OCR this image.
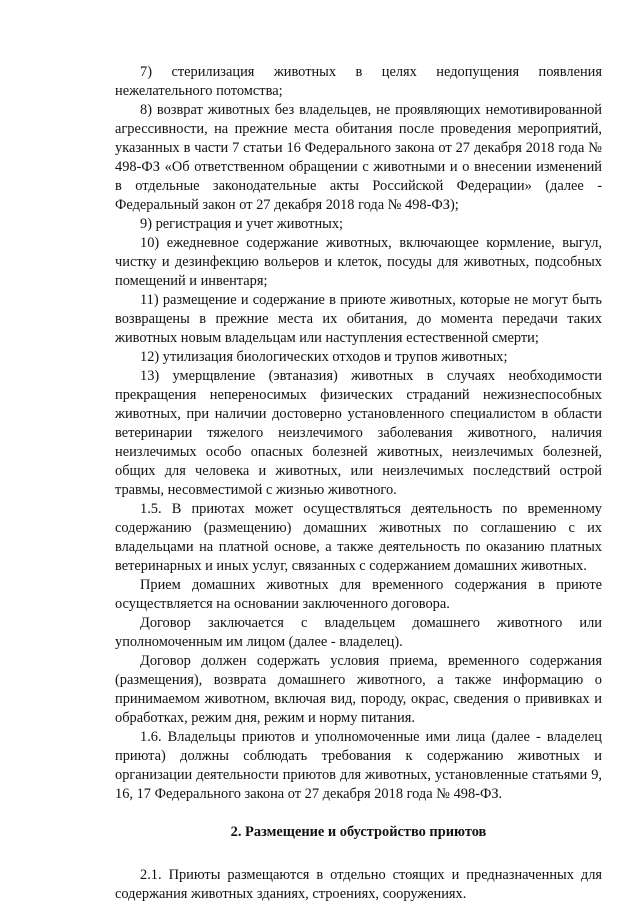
7) стерилизация животных в целях недопущения появления нежелательного потомства;

8) возврат животных без владельцев, не проявляющих немотивированной агрессивности, на прежние места обитания после проведения мероприятий, указанных в части 7 статьи 16 Федерального закона от 27 декабря 2018 года № 498-ФЗ «Об ответственном обращении с животными и о внесении изменений в отдельные законодательные акты Российской Федерации» (далее - Федеральный закон от 27 декабря 2018 года № 498-ФЗ);

9) регистрация и учет животных;

10) ежедневное содержание животных, включающее кормление, выгул, чистку и дезинфекцию вольеров и клеток, посуды для животных, подсобных помещений и инвентаря;

11) размещение и содержание в приюте животных, которые не могут быть возвращены в прежние места их обитания, до момента передачи таких животных новым владельцам или наступления естественной смерти;

12) утилизация биологических отходов и трупов животных;

13) умерщвление (эвтаназия) животных в случаях необходимости прекращения непереносимых физических страданий нежизнеспособных животных, при наличии достоверно установленного специалистом в области ветеринарии тяжелого неизлечимого заболевания животного, наличия неизлечимых особо опасных болезней животных, неизлечимых болезней, общих для человека и животных, или неизлечимых последствий острой травмы, несовместимой с жизнью животного.

1.5. В приютах может осуществляться деятельность по временному содержанию (размещению) домашних животных по соглашению с их владельцами на платной основе, а также деятельность по оказанию платных ветеринарных и иных услуг, связанных с содержанием домашних животных.

Прием домашних животных для временного содержания в приюте осуществляется на основании заключенного договора.

Договор заключается с владельцем домашнего животного или уполномоченным им лицом (далее - владелец).

Договор должен содержать условия приема, временного содержания (размещения), возврата домашнего животного, а также информацию о принимаемом животном, включая вид, породу, окрас, сведения о прививках и обработках, режим дня, режим и норму питания.

1.6. Владельцы приютов и уполномоченные ими лица (далее - владелец приюта) должны соблюдать требования к содержанию животных и организации деятельности приютов для животных, установленные статьями 9, 16, 17 Федерального закона от 27 декабря 2018 года № 498-ФЗ.

2. Размещение и обустройство приютов

2.1. Приюты размещаются в отдельно стоящих и предназначенных для содержания животных зданиях, строениях, сооружениях.
